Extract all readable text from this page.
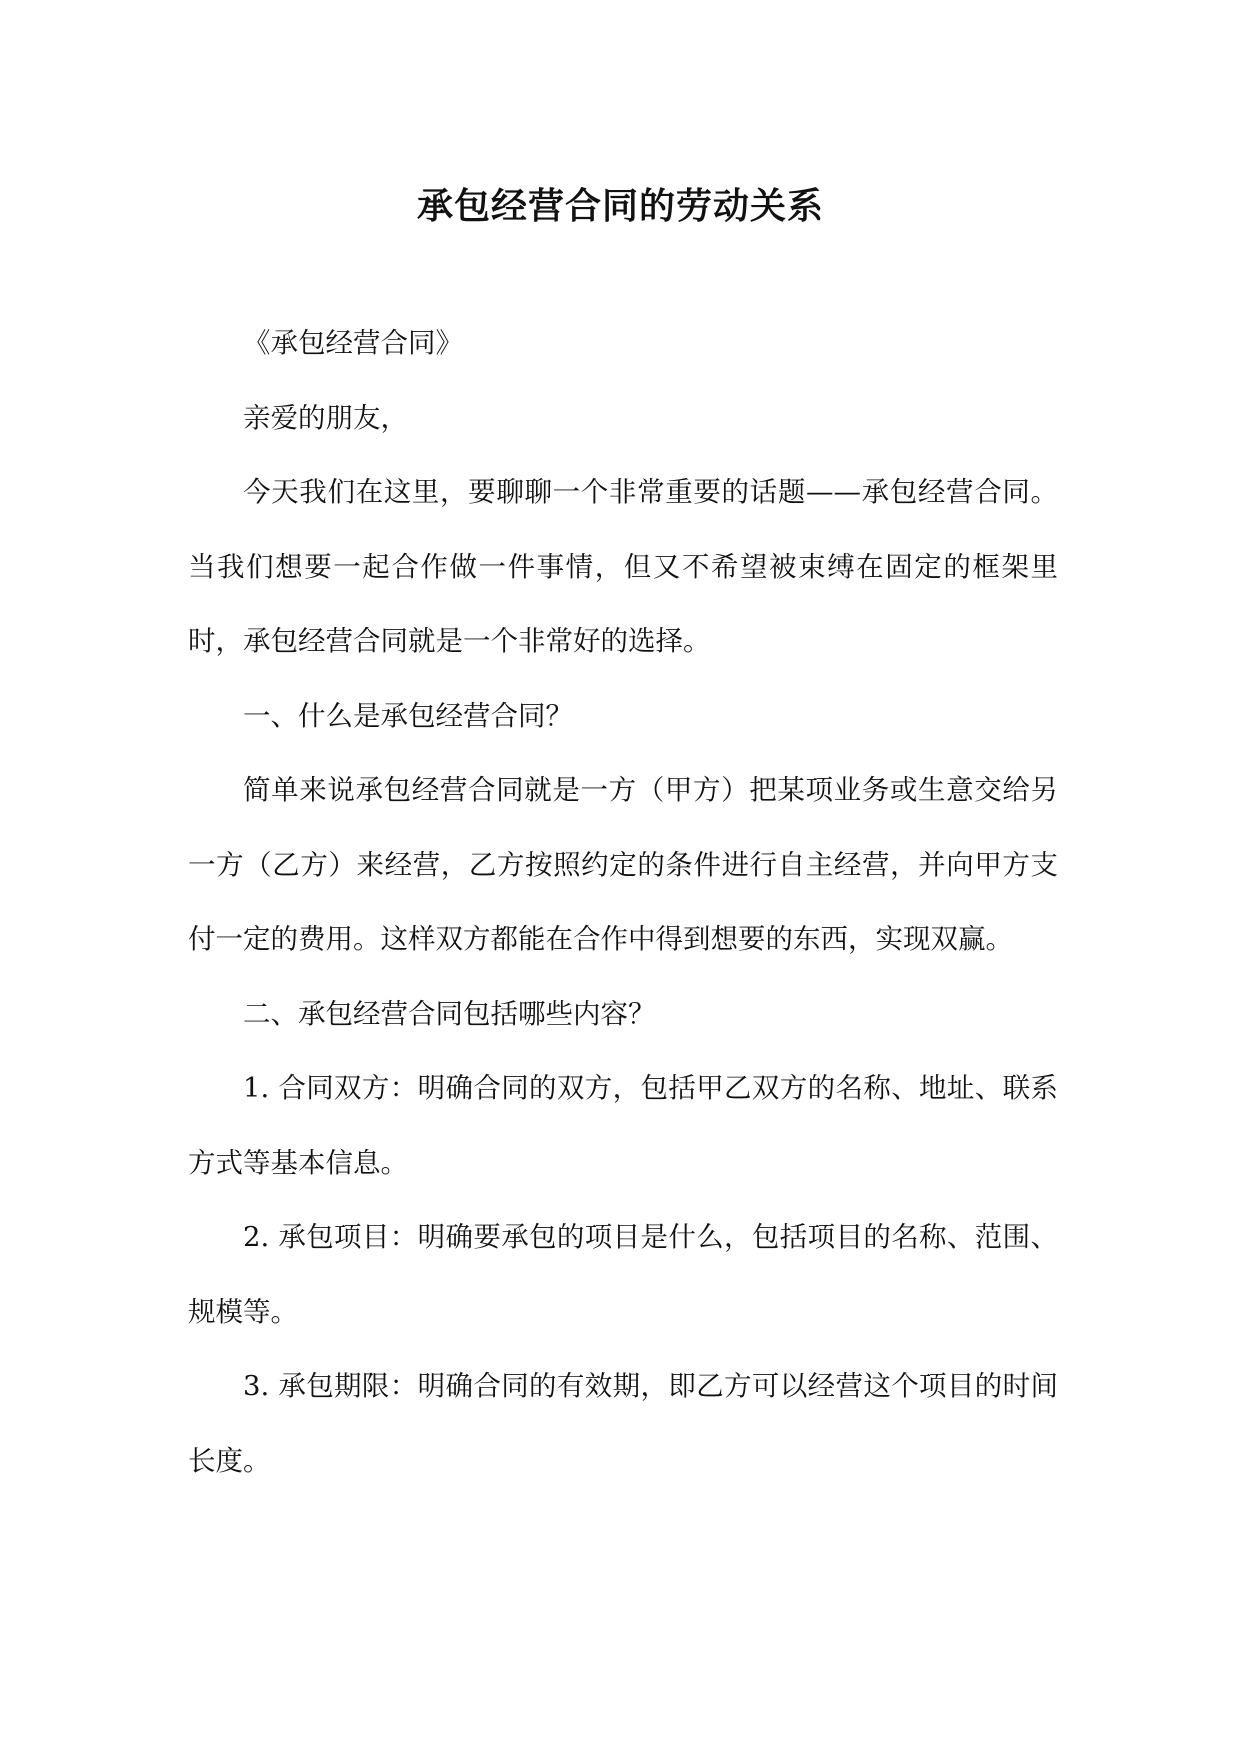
承包经营合同的劳动关系

《承包经营合同》

亲爱的朋友，

今天我们在这里，要聊聊一个非常重要的话题——承包经营合同。当我们想要一起合作做一件事情，但又不希望被束缚在固定的框架里时，承包经营合同就是一个非常好的选择。

一、什么是承包经营合同？

简单来说承包经营合同就是一方（甲方）把某项业务或生意交给另一方（乙方）来经营，乙方按照约定的条件进行自主经营，并向甲方支付一定的费用。这样双方都能在合作中得到想要的东西，实现双赢。

二、承包经营合同包括哪些内容？

1. 合同双方：明确合同的双方，包括甲乙双方的名称、地址、联系方式等基本信息。

2. 承包项目：明确要承包的项目是什么，包括项目的名称、范围、规模等。

3. 承包期限：明确合同的有效期，即乙方可以经营这个项目的时间长度。
